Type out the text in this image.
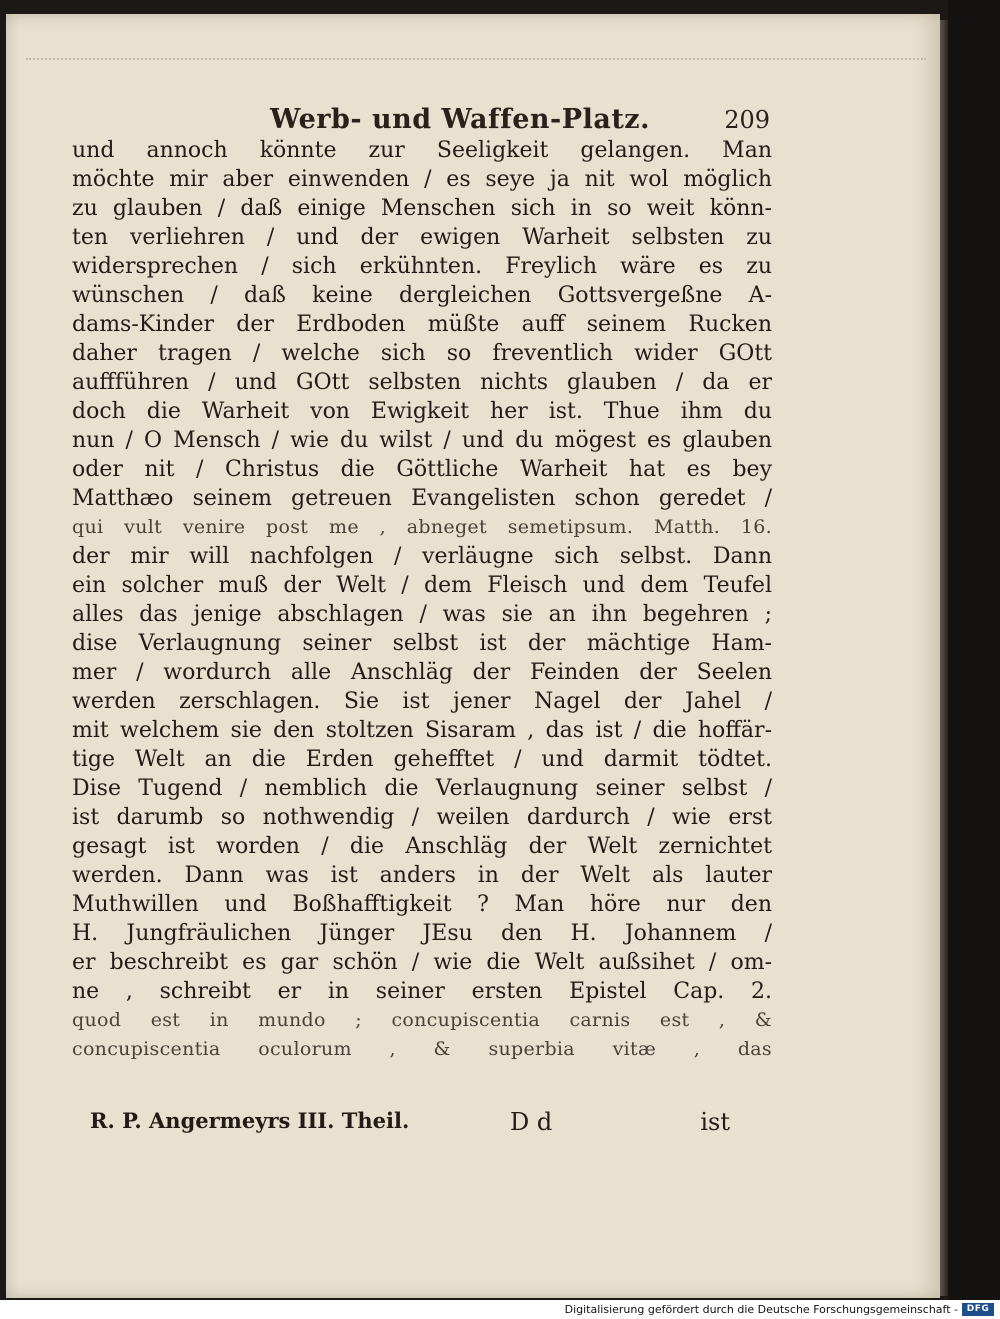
Werb- und Waffen-Platz.	209
und annoch könnte zur Seeligkeit gelangen. Man
möchte mir aber einwenden / es seye ja nit wol möglich
zu glauben / daß einige Menschen sich in so weit könn-
ten verliehren / und der ewigen Warheit selbsten zu
widersprechen / sich erkühnten. Freylich wäre es zu
wünschen / daß keine dergleichen Gottsvergeßne A-
dams-Kinder der Erdboden müßte auff seinem Rucken
daher tragen / welche sich so freventlich wider GOtt
auffführen / und GOtt selbsten nichts glauben / da er
doch die Warheit von Ewigkeit her ist. Thue ihm du
nun / O Mensch / wie du wilst / und du mögest es glauben
oder nit / Christus die Göttliche Warheit hat es bey
Matthæo seinem getreuen Evangelisten schon geredet /
qui vult venire post me , abneget semetipsum. Matth. 16.
der mir will nachfolgen / verläugne sich selbst. Dann
ein solcher muß der Welt / dem Fleisch und dem Teufel
alles das jenige abschlagen / was sie an ihn begehren ;
dise Verlaugnung seiner selbst ist der mächtige Ham-
mer / wordurch alle Anschläg der Feinden der Seelen
werden zerschlagen. Sie ist jener Nagel der Jahel /
mit welchem sie den stoltzen Sisaram , das ist / die hoffär-
tige Welt an die Erden gehefftet / und darmit tödtet.
Dise Tugend / nemblich die Verlaugnung seiner selbst /
ist darumb so nothwendig / weilen dardurch / wie erst
gesagt ist worden / die Anschläg der Welt zernichtet
werden. Dann was ist anders in der Welt als lauter
Muthwillen und Boßhafftigkeit ? Man höre nur den
H. Jungfräulichen Jünger JEsu den H. Johannem /
er beschreibt es gar schön / wie die Welt außsihet / om-
ne , schreibt er in seiner ersten Epistel Cap. 2.
quod est in mundo ; concupiscentia carnis est , &
concupiscentia oculorum , & superbia vitæ , das
R. P. Angermeyrs III. Theil.	D d	ist
Digitalisierung gefördert durch die Deutsche Forschungsgemeinschaft - DFG
